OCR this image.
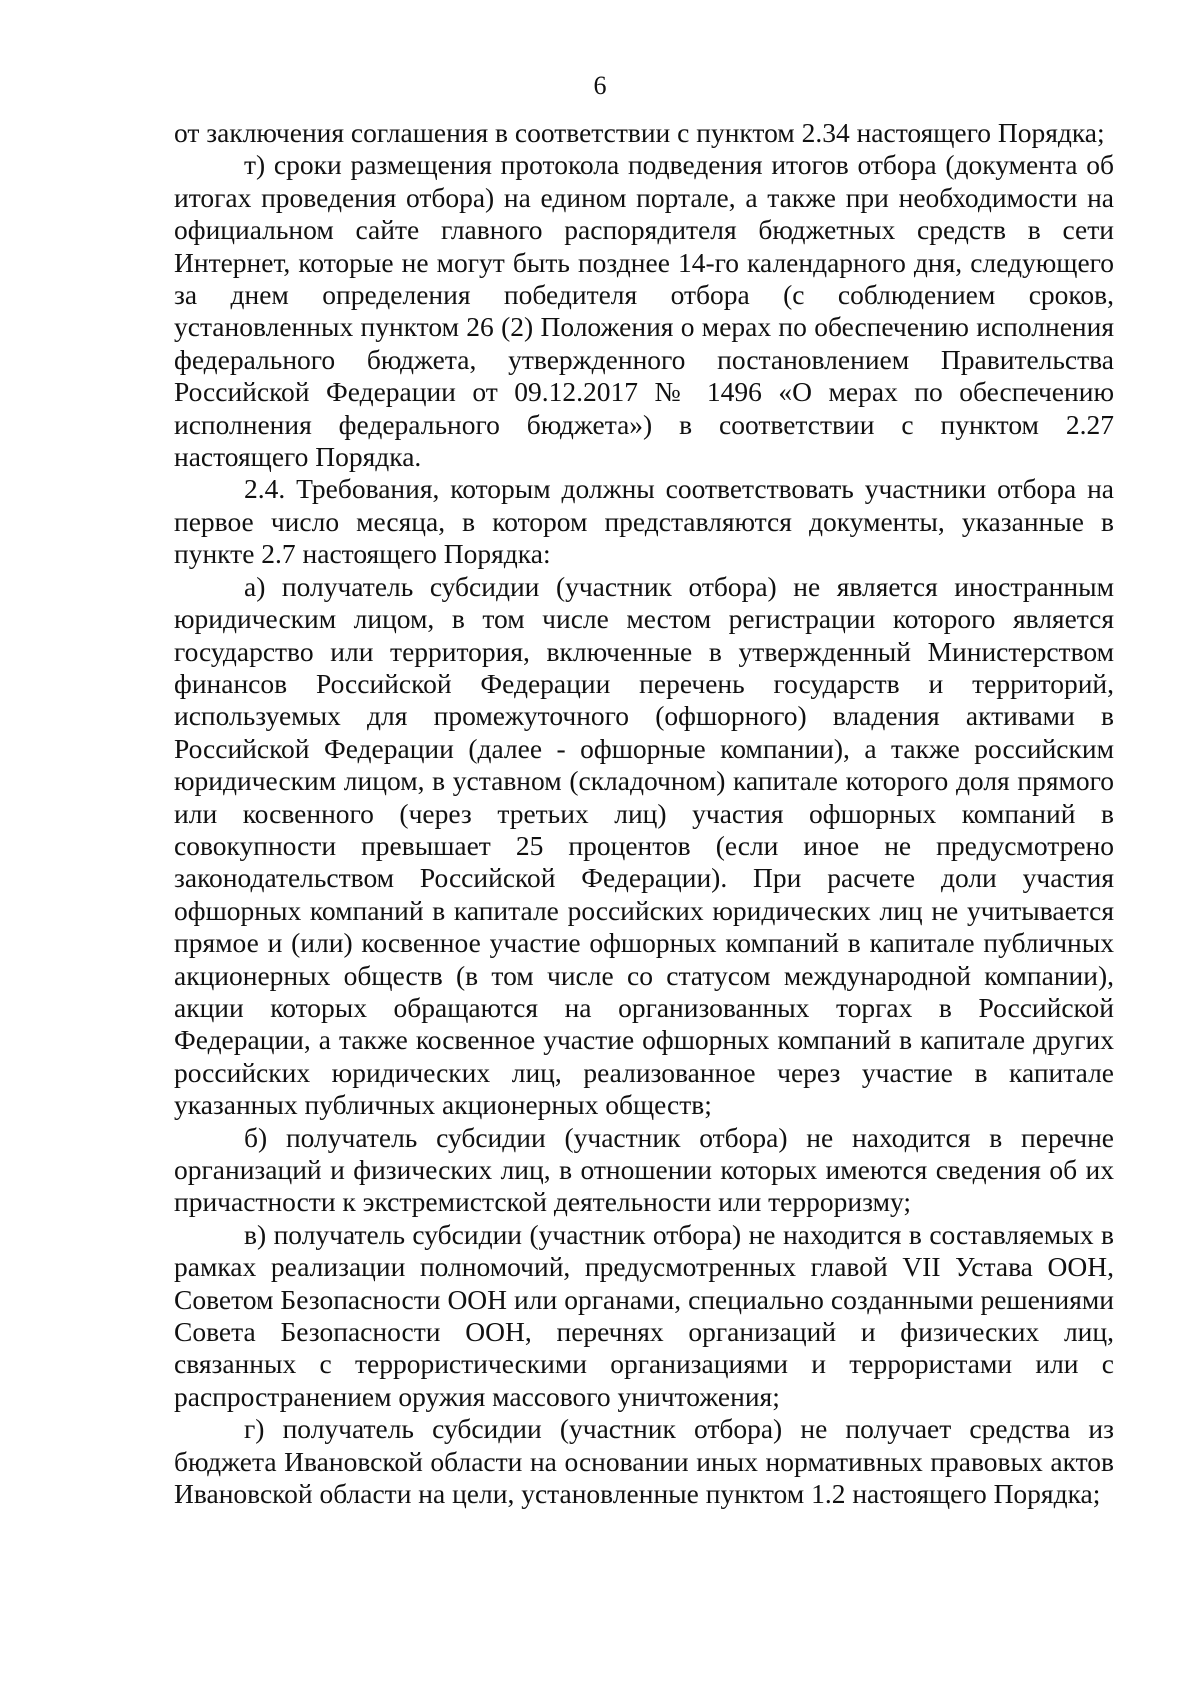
6

от заключения соглашения в соответствии с пунктом 2.34 настоящего Порядка;

т) сроки размещения протокола подведения итогов отбора (документа об итогах проведения отбора) на едином портале, а также при необходимости на официальном сайте главного распорядителя бюджетных средств в сети Интернет, которые не могут быть позднее 14-го календарного дня, следующего за днем определения победителя отбора (с соблюдением сроков, установленных пунктом 26 (2) Положения о мерах по обеспечению исполнения федерального бюджета, утвержденного постановлением Правительства Российской Федерации от 09.12.2017 № 1496 «О мерах по обеспечению исполнения федерального бюджета») в соответствии с пунктом 2.27 настоящего Порядка.

2.4. Требования, которым должны соответствовать участники отбора на первое число месяца, в котором представляются документы, указанные в пункте 2.7 настоящего Порядка:

а) получатель субсидии (участник отбора) не является иностранным юридическим лицом, в том числе местом регистрации которого является государство или территория, включенные в утвержденный Министерством финансов Российской Федерации перечень государств и территорий, используемых для промежуточного (офшорного) владения активами в Российской Федерации (далее - офшорные компании), а также российским юридическим лицом, в уставном (складочном) капитале которого доля прямого или косвенного (через третьих лиц) участия офшорных компаний в совокупности превышает 25 процентов (если иное не предусмотрено законодательством Российской Федерации). При расчете доли участия офшорных компаний в капитале российских юридических лиц не учитывается прямое и (или) косвенное участие офшорных компаний в капитале публичных акционерных обществ (в том числе со статусом международной компании), акции которых обращаются на организованных торгах в Российской Федерации, а также косвенное участие офшорных компаний в капитале других российских юридических лиц, реализованное через участие в капитале указанных публичных акционерных обществ;

б) получатель субсидии (участник отбора) не находится в перечне организаций и физических лиц, в отношении которых имеются сведения об их причастности к экстремистской деятельности или терроризму;

в) получатель субсидии (участник отбора) не находится в составляемых в рамках реализации полномочий, предусмотренных главой VII Устава ООН, Советом Безопасности ООН или органами, специально созданными решениями Совета Безопасности ООН, перечнях организаций и физических лиц, связанных с террористическими организациями и террористами или с распространением оружия массового уничтожения;

г) получатель субсидии (участник отбора) не получает средства из бюджета Ивановской области на основании иных нормативных правовых актов Ивановской области на цели, установленные пунктом 1.2 настоящего Порядка;
